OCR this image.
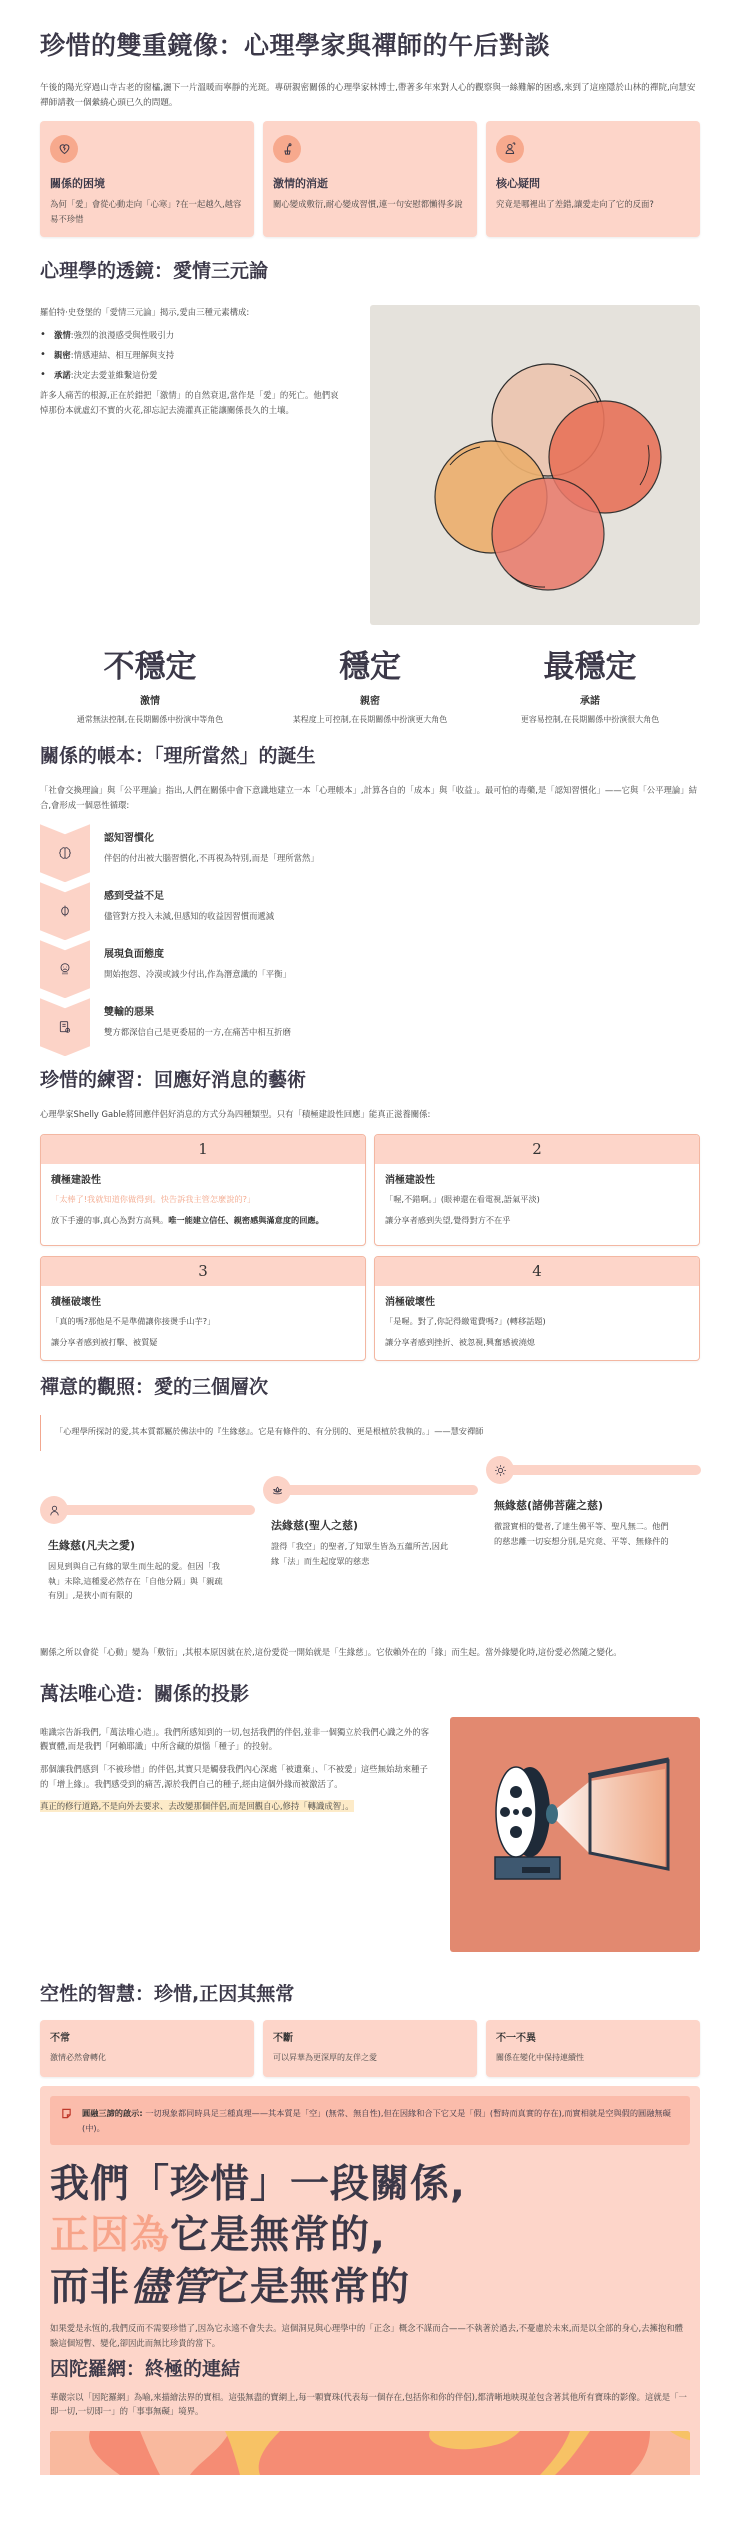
珍惜的雙重鏡像：心理學家與禪師的午后對談

午後的陽光穿過山寺古老的窗櫺,灑下一片溫暖而寧靜的光斑。專研親密關係的心理學家林博士,帶著多年來對人心的觀察與一絲難解的困惑,來到了這座隱於山林的禪院,向慧安禪師請教一個縈繞心頭已久的問題。

關係的困境

為何「愛」會從心動走向「心寒」?在一起越久,越容易不珍惜

激情的消逝

關心變成敷衍,耐心變成習慣,連一句安慰都懶得多說

核心疑問

究竟是哪裡出了差錯,讓愛走向了它的反面?

心理學的透鏡：愛情三元論

羅伯特·史登堡的「愛情三元論」揭示,愛由三種元素構成:

• 激情:強烈的浪漫感受與性吸引力
• 親密:情感連結、相互理解與支持
• 承諾:決定去愛並維繫這份愛

許多人痛苦的根源,正在於錯把「激情」的自然衰退,當作是「愛」的死亡。他們哀悼那份本就虛幻不實的火花,卻忘記去澆灌真正能讓關係長久的土壤。

不穩定
激情
通常無法控制,在長期關係中扮演中等角色
穩定
親密
某程度上可控制,在長期關係中扮演更大角色
最穩定
承諾
更容易控制,在長期關係中扮演很大角色
關係的帳本：「理所當然」的誕生

「社會交換理論」與「公平理論」指出,人們在關係中會下意識地建立一本「心理帳本」,計算各自的「成本」與「收益」。最可怕的毒藥,是「認知習慣化」——它與「公平理論」結合,會形成一個惡性循環:

認知習慣化

伴侶的付出被大腦習慣化,不再視為特別,而是「理所當然」

感到受益不足

儘管對方投入未減,但感知的收益因習慣而遞減

展現負面態度

開始抱怨、冷漠或減少付出,作為潛意識的「平衡」

雙輸的惡果

雙方都深信自己是更委屈的一方,在痛苦中相互折磨

珍惜的練習：回應好消息的藝術

心理學家Shelly Gable將回應伴侶好消息的方式分為四種類型。只有「積極建設性回應」能真正滋養關係:

1
積極建設性
「太棒了!我就知道你做得到。快告訴我主管怎麼說的?」
放下手邊的事,真心為對方高興。唯一能建立信任、親密感與滿意度的回應。
2
消極建設性
「喔,不錯啊。」(眼神還在看電視,語氣平淡)
讓分享者感到失望,覺得對方不在乎
3
積極破壞性
「真的嗎?那他是不是準備讓你接燙手山芋?」
讓分享者感到被打擊、被質疑
4
消極破壞性
「是喔。對了,你記得繳電費嗎?」(轉移話題)
讓分享者感到挫折、被忽視,興奮感被澆熄
禪意的觀照：愛的三個層次
「心理學所探討的愛,其本質都屬於佛法中的『生緣慈』。它是有條件的、有分別的、更是根植於我執的。」——慧安禪師
生緣慈(凡夫之愛)

因見到與自己有緣的眾生而生起的愛。但因「我執」未除,這種愛必然存在「自他分隔」與「親疏有別」,是狹小而有限的

法緣慈(聖人之慈)

證得「我空」的聖者,了知眾生皆為五蘊所苦,因此緣「法」而生起度眾的慈悲

無緣慈(諸佛菩薩之慈)

徹證實相的覺者,了達生佛平等、聖凡無二。他們的慈悲離一切妄想分別,是究竟、平等、無條件的

關係之所以會從「心動」變為「敷衍」,其根本原因就在於,這份愛從一開始就是「生緣慈」。它依賴外在的「緣」而生起。當外緣變化時,這份愛必然隨之變化。

萬法唯心造：關係的投影

唯識宗告訴我們,「萬法唯心造」。我們所感知到的一切,包括我們的伴侶,並非一個獨立於我們心識之外的客觀實體,而是我們「阿賴耶識」中所含藏的煩惱「種子」的投射。

那個讓我們感到「不被珍惜」的伴侶,其實只是觸發我們內心深處「被遺棄」、「不被愛」這些無始劫來種子的「增上緣」。我們感受到的痛苦,源於我們自己的種子,經由這個外緣而被激活了。

真正的修行道路,不是向外去要求、去改變那個伴侶,而是回觀自心,修持「轉識成智」。

空性的智慧：珍惜,正因其無常
不常

激情必然會轉化

不斷

可以昇華為更深厚的友伴之愛

不一不異

關係在變化中保持連續性

圓融三諦的啟示: 一切現象都同時具足三種真理——其本質是「空」(無常、無自性),但在因緣和合下它又是「假」(暫時而真實的存在),而實相就是空與假的圓融無礙(中)。
我們「珍惜」一段關係,
正因為它是無常的,
而非儘管它是無常的

如果愛是永恆的,我們反而不需要珍惜了,因為它永遠不會失去。這個洞見與心理學中的「正念」概念不謀而合——不執著於過去,不憂慮於未來,而是以全部的身心,去擁抱和體驗這個短暫、變化,卻因此而無比珍貴的當下。

因陀羅網：終極的連結

華嚴宗以「因陀羅網」為喻,來描繪法界的實相。這張無盡的寶網上,每一顆寶珠(代表每一個存在,包括你和你的伴侶),都清晰地映現並包含著其他所有寶珠的影像。這就是「一即一切,一切即一」的「事事無礙」境界。
